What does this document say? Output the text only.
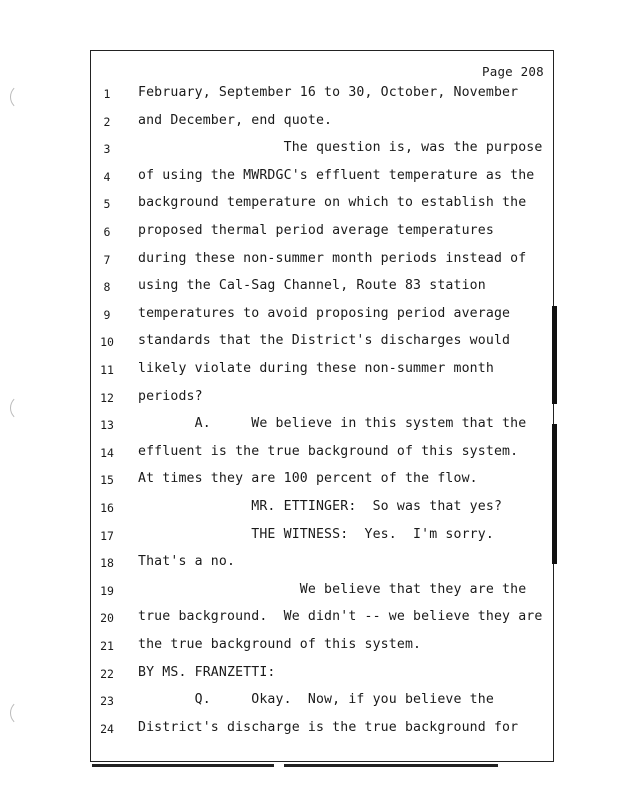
Page 208
1	February, September 16 to 30, October, November
2	and December, end quote.
3	The question is, was the purpose
4	of using the MWRDGC's effluent temperature as the
5	background temperature on which to establish the
6	proposed thermal period average temperatures
7	during these non-summer month periods instead of
8	using the Cal-Sag Channel, Route 83 station
9	temperatures to avoid proposing period average
10	standards that the District's discharges would
11	likely violate during these non-summer month
12	periods?
13	A.     We believe in this system that the
14	effluent is the true background of this system.
15	At times they are 100 percent of the flow.
16	MR. ETTINGER:  So was that yes?
17	THE WITNESS:  Yes.  I'm sorry.
18	That's a no.
19	We believe that they are the
20	true background.  We didn't -- we believe they are
21	the true background of this system.
22	BY MS. FRANZETTI:
23	Q.     Okay.  Now, if you believe the
24	District's discharge is the true background for
